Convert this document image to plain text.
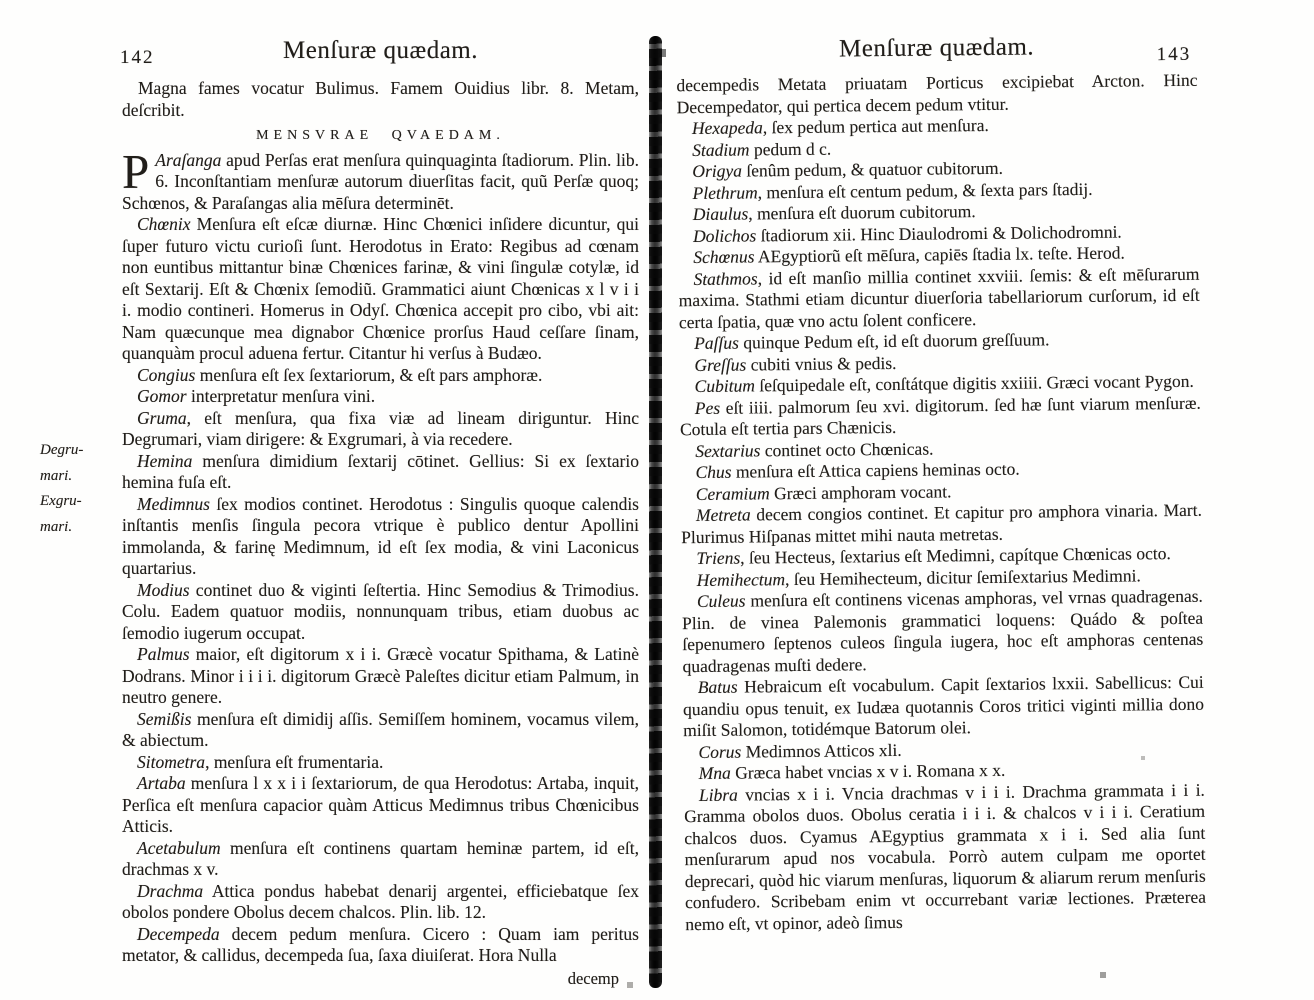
142	Menſuræ quædam.

Magna fames vocatur Bulimus. Famem Ouidius libr. 8. Metam, deſcribit.

MENSVRAE QVAEDAM.

P Araſanga apud Perſas erat menſura quinquaginta ſtadiorum. Plin. lib. 6. Inconſtantiam menſuræ autorum diuerſitas facit, quũ Perſæ quoq; Schœnos, & Paraſangas alia mēſura determinēt.

Chœnix Menſura eſt eſcæ diurnæ. Hinc Chœnici inſidere dicuntur, qui ſuper futuro victu curioſi ſunt. Herodotus in Erato: Regibus ad cœnam non euntibus mittantur binæ Chœnices farinæ, & vini ſingulæ cotylæ, id eſt Sextarij. Eſt & Chœnix ſemodiũ. Grammatici aiunt Chœnicas x l v i i i. modio contineri. Homerus in Odyſ. Chœnica accepit pro cibo, vbi ait: Nam quæcunque mea dignabor Chœnice prorſus Haud ceſſare ſinam, quanquàm procul aduena fertur. Citantur hi verſus à Budæo.

Congius menſura eſt ſex ſextariorum, & eſt pars amphoræ.

Gomor interpretatur menſura vini.

Gruma, eſt menſura, qua fixa viæ ad lineam diriguntur. Hinc Degrumari, viam dirigere: & Exgrumari, à via recedere.

Hemina menſura dimidium ſextarij cōtinet. Gellius: Si ex ſextario hemina fuſa eſt.

Medimnus ſex modios continet. Herodotus : Singulis quoque calendis inſtantis menſis ſingula pecora vtrique è publico dentur Apollini immolanda, & farinę Medimnum, id eſt ſex modia, & vini Laconicus quartarius.

Modius continet duo & viginti ſeſtertia. Hinc Semodius & Trimodius. Colu. Eadem quatuor modiis, nonnunquam tribus, etiam duobus ac ſemodio iugerum occupat.

Palmus maior, eſt digitorum x i i. Græcè vocatur Spithama, & Latinè Dodrans. Minor i i i i. digitorum Græcè Paleſtes dicitur etiam Palmum, in neutro genere.

Semißis menſura eſt dimidij aſſis. Semiſſem hominem, vocamus vilem, & abiectum.

Sitometra, menſura eſt frumentaria.

Artaba menſura l x x i i ſextariorum, de qua Herodotus: Artaba, inquit, Perſica eſt menſura capacior quàm Atticus Medimnus tribus Chœnicibus Atticis.

Acetabulum menſura eſt continens quartam heminæ partem, id eſt, drachmas x v.

Drachma Attica pondus habebat denarij argentei, efficiebatque ſex obolos pondere Obolus decem chalcos. Plin. lib. 12.

Decempeda decem pedum menſura. Cicero : Quam iam peritus metator, & callidus, decempeda ſua, ſaxa diuiſerat. Hora Nulla

decemp
Degru-
mari.
Exgru-
mari.
Menſuræ quædam.	143

decempedis Metata priuatam Porticus excipiebat Arcton. Hinc Decempedator, qui pertica decem pedum vtitur.

Hexapeda, ſex pedum pertica aut menſura.

Stadium pedum d c.

Origya ſenûm pedum, & quatuor cubitorum.

Plethrum, menſura eſt centum pedum, & ſexta pars ſtadij.

Diaulus, menſura eſt duorum cubitorum.

Dolichos ſtadiorum xii. Hinc Diaulodromi & Dolichodromni.

Schœnus AEgyptiorũ eſt mēſura, capiēs ſtadia lx. teſte. Herod.

Stathmos, id eſt manſio millia continet xxviii. ſemis: & eſt mēſurarum maxima. Stathmi etiam dicuntur diuerſoria tabellariorum curſorum, id eſt certa ſpatia, quæ vno actu ſolent conficere.

Paſſus quinque Pedum eſt, id eſt duorum greſſuum.

Greſſus cubiti vnius & pedis.

Cubitum ſeſquipedale eſt, conſtátque digitis xxiiii. Græci vocant Pygon.

Pes eſt iiii. palmorum ſeu xvi. digitorum. ſed hæ ſunt viarum menſuræ. Cotula eſt tertia pars Chænicis.

Sextarius continet octo Chœnicas.

Chus menſura eſt Attica capiens heminas octo.

Ceramium Græci amphoram vocant.

Metreta decem congios continet. Et capitur pro amphora vinaria. Mart. Plurimus Hiſpanas mittet mihi nauta metretas.

Triens, ſeu Hecteus, ſextarius eſt Medimni, capítque Chœnicas octo.

Hemihectum, ſeu Hemihecteum, dicitur ſemiſextarius Medimni.

Culeus menſura eſt continens vicenas amphoras, vel vrnas quadragenas. Plin. de vinea Palemonis grammatici loquens: Quádo & poſtea ſepenumero ſeptenos culeos ſingula iugera, hoc eſt amphoras centenas quadragenas muſti dedere.

Batus Hebraicum eſt vocabulum. Capit ſextarios lxxii. Sabellicus: Cui quandiu opus tenuit, ex Iudæa quotannis Coros tritici viginti millia dono miſit Salomon, totidémque Batorum olei.

Corus Medimnos Atticos xli.

Mna Græca habet vncias x v i. Romana x x.

Libra vncias x i i. Vncia drachmas v i i i. Drachma grammata i i i. Gramma obolos duos. Obolus ceratia i i i. & chalcos v i i i. Ceratium chalcos duos. Cyamus AEgyptius grammata x i i. Sed alia ſunt menſurarum apud nos vocabula. Porrò autem culpam me oportet deprecari, quòd hic viarum menſuras, liquorum & aliarum rerum menſuris confudero. Scribebam enim vt occurrebant variæ lectiones. Præterea nemo eſt, vt opinor, adeò ſimus
